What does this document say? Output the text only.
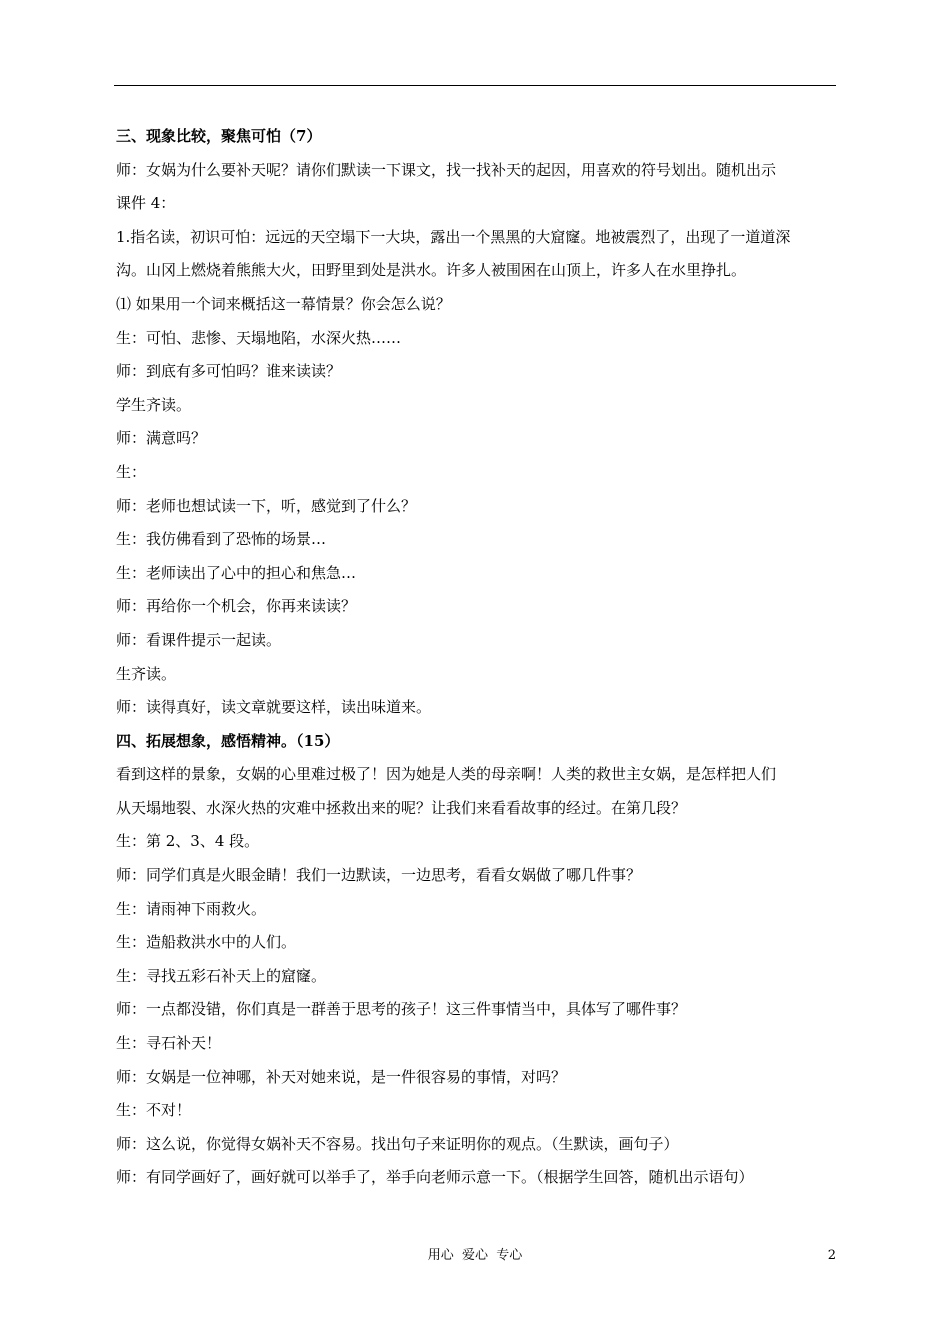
三、现象比较，聚焦可怕（7）
师：女娲为什么要补天呢？请你们默读一下课文，找一找补天的起因，用喜欢的符号划出。随机出示
课件 4：
1.指名读，初识可怕：远远的天空塌下一大块，露出一个黑黑的大窟窿。地被震烈了，出现了一道道深
沟。山冈上燃烧着熊熊大火，田野里到处是洪水。许多人被围困在山顶上，许多人在水里挣扎。
⑴ 如果用一个词来概括这一幕情景？你会怎么说？
生：可怕、悲惨、天塌地陷，水深火热……
师：到底有多可怕吗？谁来读读？
学生齐读。
师：满意吗？
生：
师：老师也想试读一下，听，感觉到了什么？
生：我仿佛看到了恐怖的场景…
生：老师读出了心中的担心和焦急…
师：再给你一个机会，你再来读读？
师：看课件提示一起读。
生齐读。
师：读得真好，读文章就要这样，读出味道来。
四、拓展想象，感悟精神。（15）
看到这样的景象，女娲的心里难过极了！因为她是人类的母亲啊！人类的救世主女娲，是怎样把人们
从天塌地裂、水深火热的灾难中拯救出来的呢？让我们来看看故事的经过。在第几段？
生：第 2、3、4 段。
师：同学们真是火眼金睛！我们一边默读，一边思考，看看女娲做了哪几件事？
生：请雨神下雨救火。
生：造船救洪水中的人们。
生：寻找五彩石补天上的窟窿。
师：一点都没错，你们真是一群善于思考的孩子！这三件事情当中，具体写了哪件事？
生：寻石补天！
师：女娲是一位神哪，补天对她来说，是一件很容易的事情，对吗？
生：不对！
师：这么说，你觉得女娲补天不容易。找出句子来证明你的观点。（生默读，画句子）
师：有同学画好了，画好就可以举手了，举手向老师示意一下。（根据学生回答，随机出示语句）
用心  爱心  专心	2
